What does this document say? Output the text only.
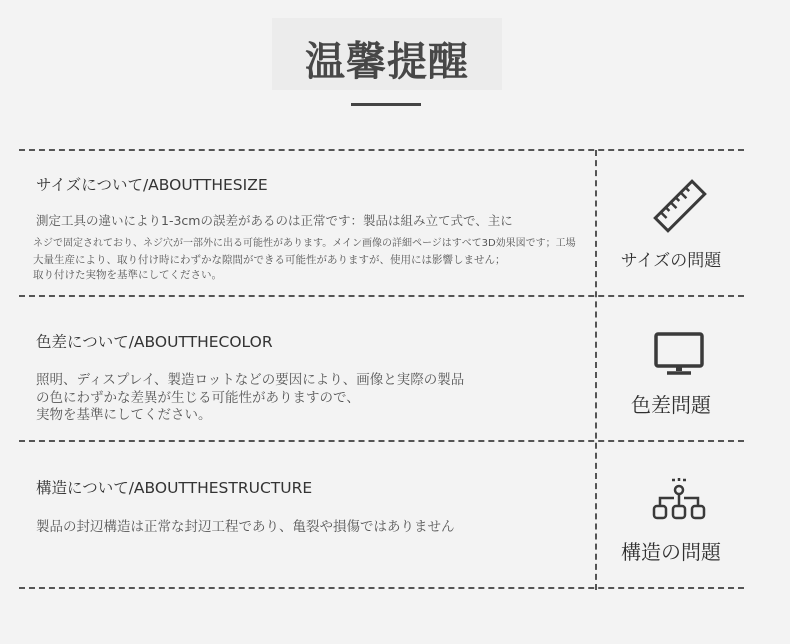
温馨提醒
サイズについて/ABOUTTHESIZE
測定工具の違いにより1-3cmの誤差があるのは正常です：製品は組み立て式で、主に
ネジで固定されており、ネジ穴が一部外に出る可能性があります。メイン画像の詳細ページはすべて3D効果図です；工場
大量生産により、取り付け時にわずかな隙間ができる可能性がありますが、使用には影響しません；
取り付けた実物を基準にしてください。
サイズの問題
色差について/ABOUTTHECOLOR
照明、ディスプレイ、製造ロットなどの要因により、画像と実際の製品
の色にわずかな差異が生じる可能性がありますので、
実物を基準にしてください。	色差問題
構造について/ABOUTTHESTRUCTURE
製品の封辺構造は正常な封辺工程であり、亀裂や損傷ではありません
構造の問題
